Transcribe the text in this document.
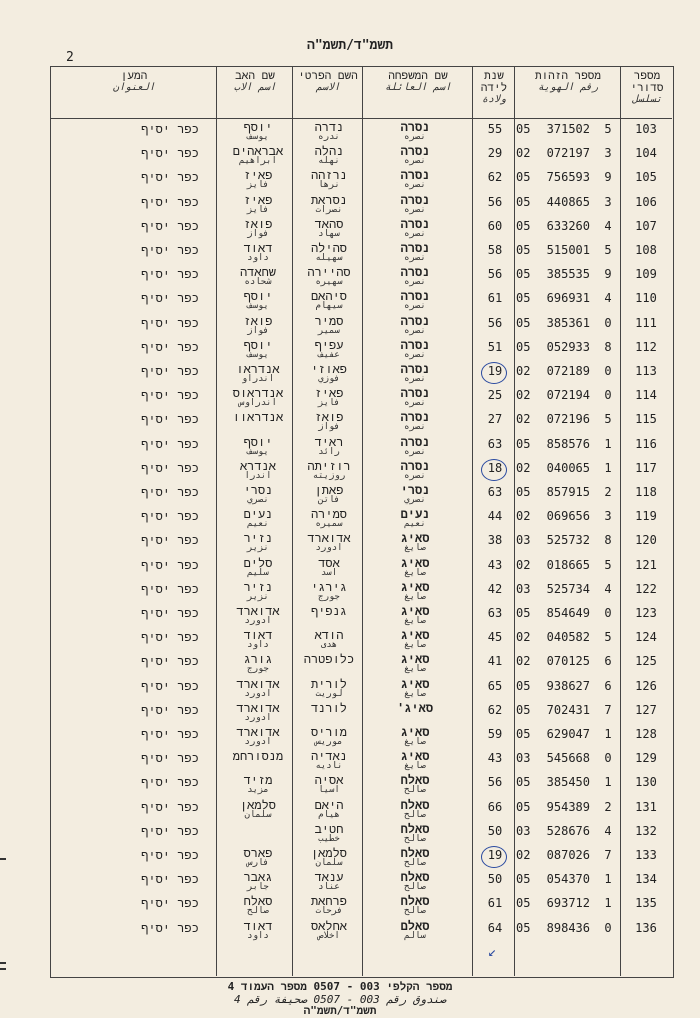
תשמ"ד/תשמ"ה
2
מספר סדורי
تسلسل
מספר הזהות
رقم الهوية
שנת לידה
ولادة
שם המשפחה
اسم العائلة
השם הפרטי
الاسم
שם האב
اسم الاب
המען
العنوان
103
5
371502
05
55
נסרה
نصره
נדרה
ندره
יוסף
يوسف
כפר יסיף
104
3
072197
02
29
נסרה
نصره
נהלה
نهله
אבראהים
ابراهيم
כפר יסיף
105
9
756593
05
62
נסרה
نصره
נרזהה
نرها
פאיז
فايز
כפר יסיף
106
3
440865
05
56
נסרה
نصره
נסראת
نصرات
פאיז
فايز
כפר יסיף
107
4
633260
05
60
נסרה
نصره
סהאד
سهاد
פואז
فواز
כפר יסיף
108
5
515001
05
58
נסרה
نصره
סהילה
سهيله
דאוד
داود
כפר יסיף
109
9
385535
05
56
נסרה
نصره
סהיירה
سهيره
שחאדה
شحاده
כפר יסיף
110
4
696931
05
61
נסרה
نصره
סיהאם
سيهام
יוסף
يوسف
כפר יסיף
111
0
385361
05
56
נסרה
نصره
סמיר
سمير
פואז
فواز
כפר יסיף
112
8
052933
05
51
נסרה
نصره
עפיף
عفيف
יוסף
يوسف
כפר יסיף
113
0
072189
02
19
נסרה
نصره
פאוזי
فوزي
אנדראו
اندراو
כפר יסיף
114
0
072194
02
25
נסרה
نصره
פאיז
فايز
אנדראוס
اندراوس
כפר יסיף
115
5
072196
02
27
נסרה
نصره
פואז
فواز
אנדראוו
כפר יסיף
116
1
858576
05
63
נסרה
نصره
ראיד
رائد
יוסף
يوسف
כפר יסיף
117
1
040065
02
18
נסרה
نصره
רוזיתה
روزيته
אנדרא
اندرا
כפר יסיף
118
2
857915
05
63
נסרי
نصري
פאתן
فاتن
נסרי
نصري
כפר יסיף
119
3
069656
02
44
נעים
نعيم
סמירה
سميره
נעים
نعيم
כפר יסיף
120
8
525732
03
38
סאיג
صايغ
אדוארד
ادورد
נזיר
نزير
כפר יסיף
121
5
018665
02
43
סאיג
صايغ
אסד
اسد
סלים
سليم
כפר יסיף
122
4
525734
03
42
סאיג
صايغ
גירגי
جورج
נזיר
نزير
כפר יסיף
123
0
854649
05
63
סאיג
صايغ
גנפיף
אדוארד
ادورد
כפר יסיף
124
5
040582
02
45
סאיג
صايغ
הודא
هدى
דאוד
داود
כפר יסיף
125
6
070125
02
41
סאיג
صايغ
כלופטרה
גורג
جورج
כפר יסיף
126
6
938627
05
65
סאיג
صايغ
לורית
لوريت
אדוארד
ادورد
כפר יסיף
127
7
702431
05
62
סאיג'
לורנד
אדוארד
ادورد
כפר יסיף
128
1
629047
05
59
סאיג
صايغ
מוריס
موريس
אדוארד
ادورد
כפר יסיף
129
0
545668
03
43
סאיג
صايغ
נאדיה
ناديه
מנסורחמ
כפר יסיף
130
1
385450
05
56
סאלח
صالح
אסיה
اسيا
מזיד
مزيد
כפר יסיף
131
2
954389
05
66
סאלח
صالح
היאם
هيام
סלמאן
سلمان
כפר יסיף
132
4
528676
03
50
סאלח
صالح
חטיב
خطيب
כפר יסיף
133
7
087026
02
19
סאלח
صالح
סלמאן
سلمان
פארס
فارس
כפר יסיף
134
1
054370
05
50
סאלח
صالح
ענאד
عناد
גאבר
جابر
כפר יסיף
135
1
693712
05
61
סאלח
صالح
פרחאת
فرحات
סאלח
صالح
כפר יסיף
136
0
898436
05
64
סאלם
سالم
אחלאס
اخلاص
דאוד
داود
כפר יסיף
↙
מספר הקלפי 003 - 0507 מספר העמוד 4
صندوق رقم 003 - 0507 صحيفة رقم 4
תשמ"ד/תשמ"ה
